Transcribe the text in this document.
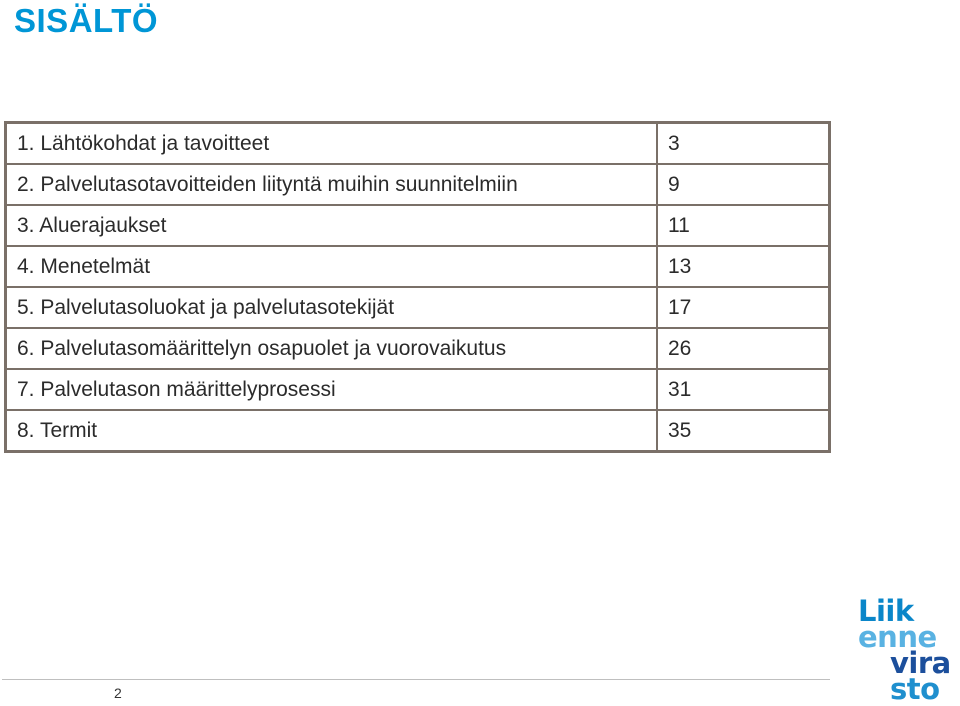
SISÄLTÖ
1. Lähtökohdat ja tavoitteet	3
2. Palvelutasotavoitteiden liityntä muihin suunnitelmiin	9
3. Aluerajaukset	11
4. Menetelmät	13
5. Palvelutasoluokat ja palvelutasotekijät	17
6. Palvelutasomäärittelyn osapuolet ja vuorovaikutus	26
7. Palvelutason määrittelyprosessi	31
8. Termit	35
2
Liik
enne
vira
sto
